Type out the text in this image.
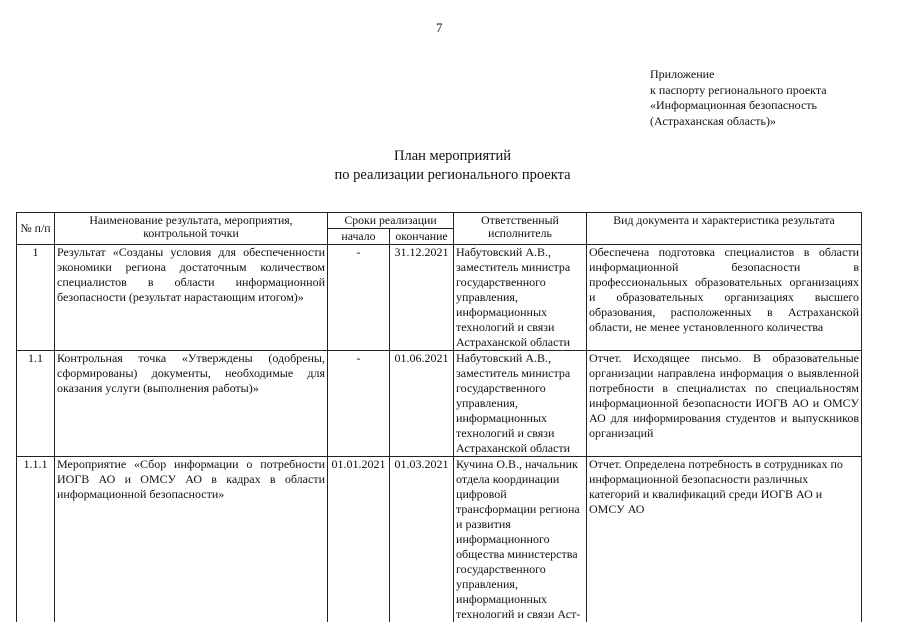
7
Приложение
к паспорту регионального проекта
«Информационная безопасность
(Астраханская область)»
План мероприятий
по реализации регионального проекта
№ п/п	Наименование результата, мероприятия, контрольной точки	Сроки реализации		Ответственный исполнитель	Вид документа и характеристика результата
		начало	окончание		
1	Результат «Созданы условия для обеспеченности экономики региона достаточным количеством специалистов в области информационной безопасности (результат нарастающим итогом)»	-	31.12.2021	Набутовский А.В., заместитель министра государственного управления, информационных технологий и связи Астраханской области	Обеспечена подготовка специалистов в области информационной безопасности в профессиональных образовательных организациях и образовательных организациях высшего образования, расположенных в Астраханской области, не менее установленного количества
1.1	Контрольная точка «Утверждены (одобрены, сформированы) документы, необходимые для оказания услуги (выполнения работы)»	-	01.06.2021	Набутовский А.В., заместитель министра государственного управления, информационных технологий и связи Астраханской области	Отчет. Исходящее письмо. В образовательные организации направлена информация о выявленной потребности в специалистах по специальностям информационной безопасности ИОГВ АО и ОМСУ АО для информирования студентов и выпускников организаций
1.1.1	Мероприятие «Сбор информации о потребности ИОГВ АО и ОМСУ АО в кадрах в области информационной безопасности»	01.01.2021	01.03.2021	Кучина О.В., начальник отдела координации цифровой трансформации региона и развития информационного общества министерства государственного управления, информационных технологий и связи Аст-	Отчет. Определена потребность в сотрудниках по информационной безопасности различных категорий и квалификаций среди ИОГВ АО и ОМСУ АО
